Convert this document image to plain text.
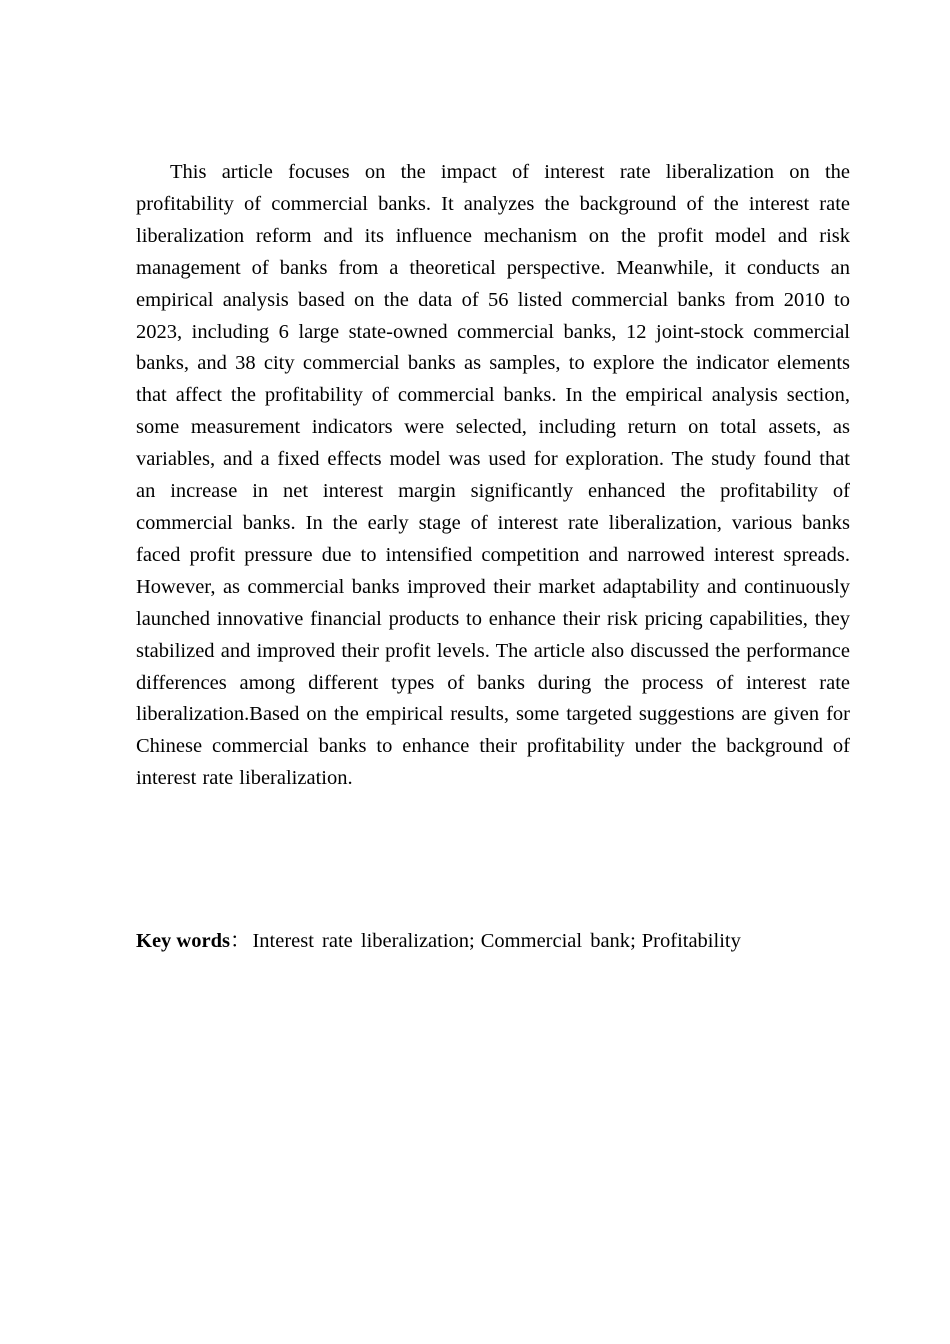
This article focuses on the impact of interest rate liberalization on the profitability of commercial banks. It analyzes the background of the interest rate liberalization reform and its influence mechanism on the profit model and risk management of banks from a theoretical perspective. Meanwhile, it conducts an empirical analysis based on the data of 56 listed commercial banks from 2010 to 2023, including 6 large state-owned commercial banks, 12 joint-stock commercial banks, and 38 city commercial banks as samples, to explore the indicator elements that affect the profitability of commercial banks. In the empirical analysis section, some measurement indicators were selected, including return on total assets, as variables, and a fixed effects model was used for exploration. The study found that an increase in net interest margin significantly enhanced the profitability of commercial banks. In the early stage of interest rate liberalization, various banks faced profit pressure due to intensified competition and narrowed interest spreads. However, as commercial banks improved their market adaptability and continuously launched innovative financial products to enhance their risk pricing capabilities, they stabilized and improved their profit levels. The article also discussed the performance differences among different types of banks during the process of interest rate liberalization.Based on the empirical results, some targeted suggestions are given for Chinese commercial banks to enhance their profitability under the background of interest rate liberalization.

Key words：Interest rate liberalization; Commercial bank; Profitability
